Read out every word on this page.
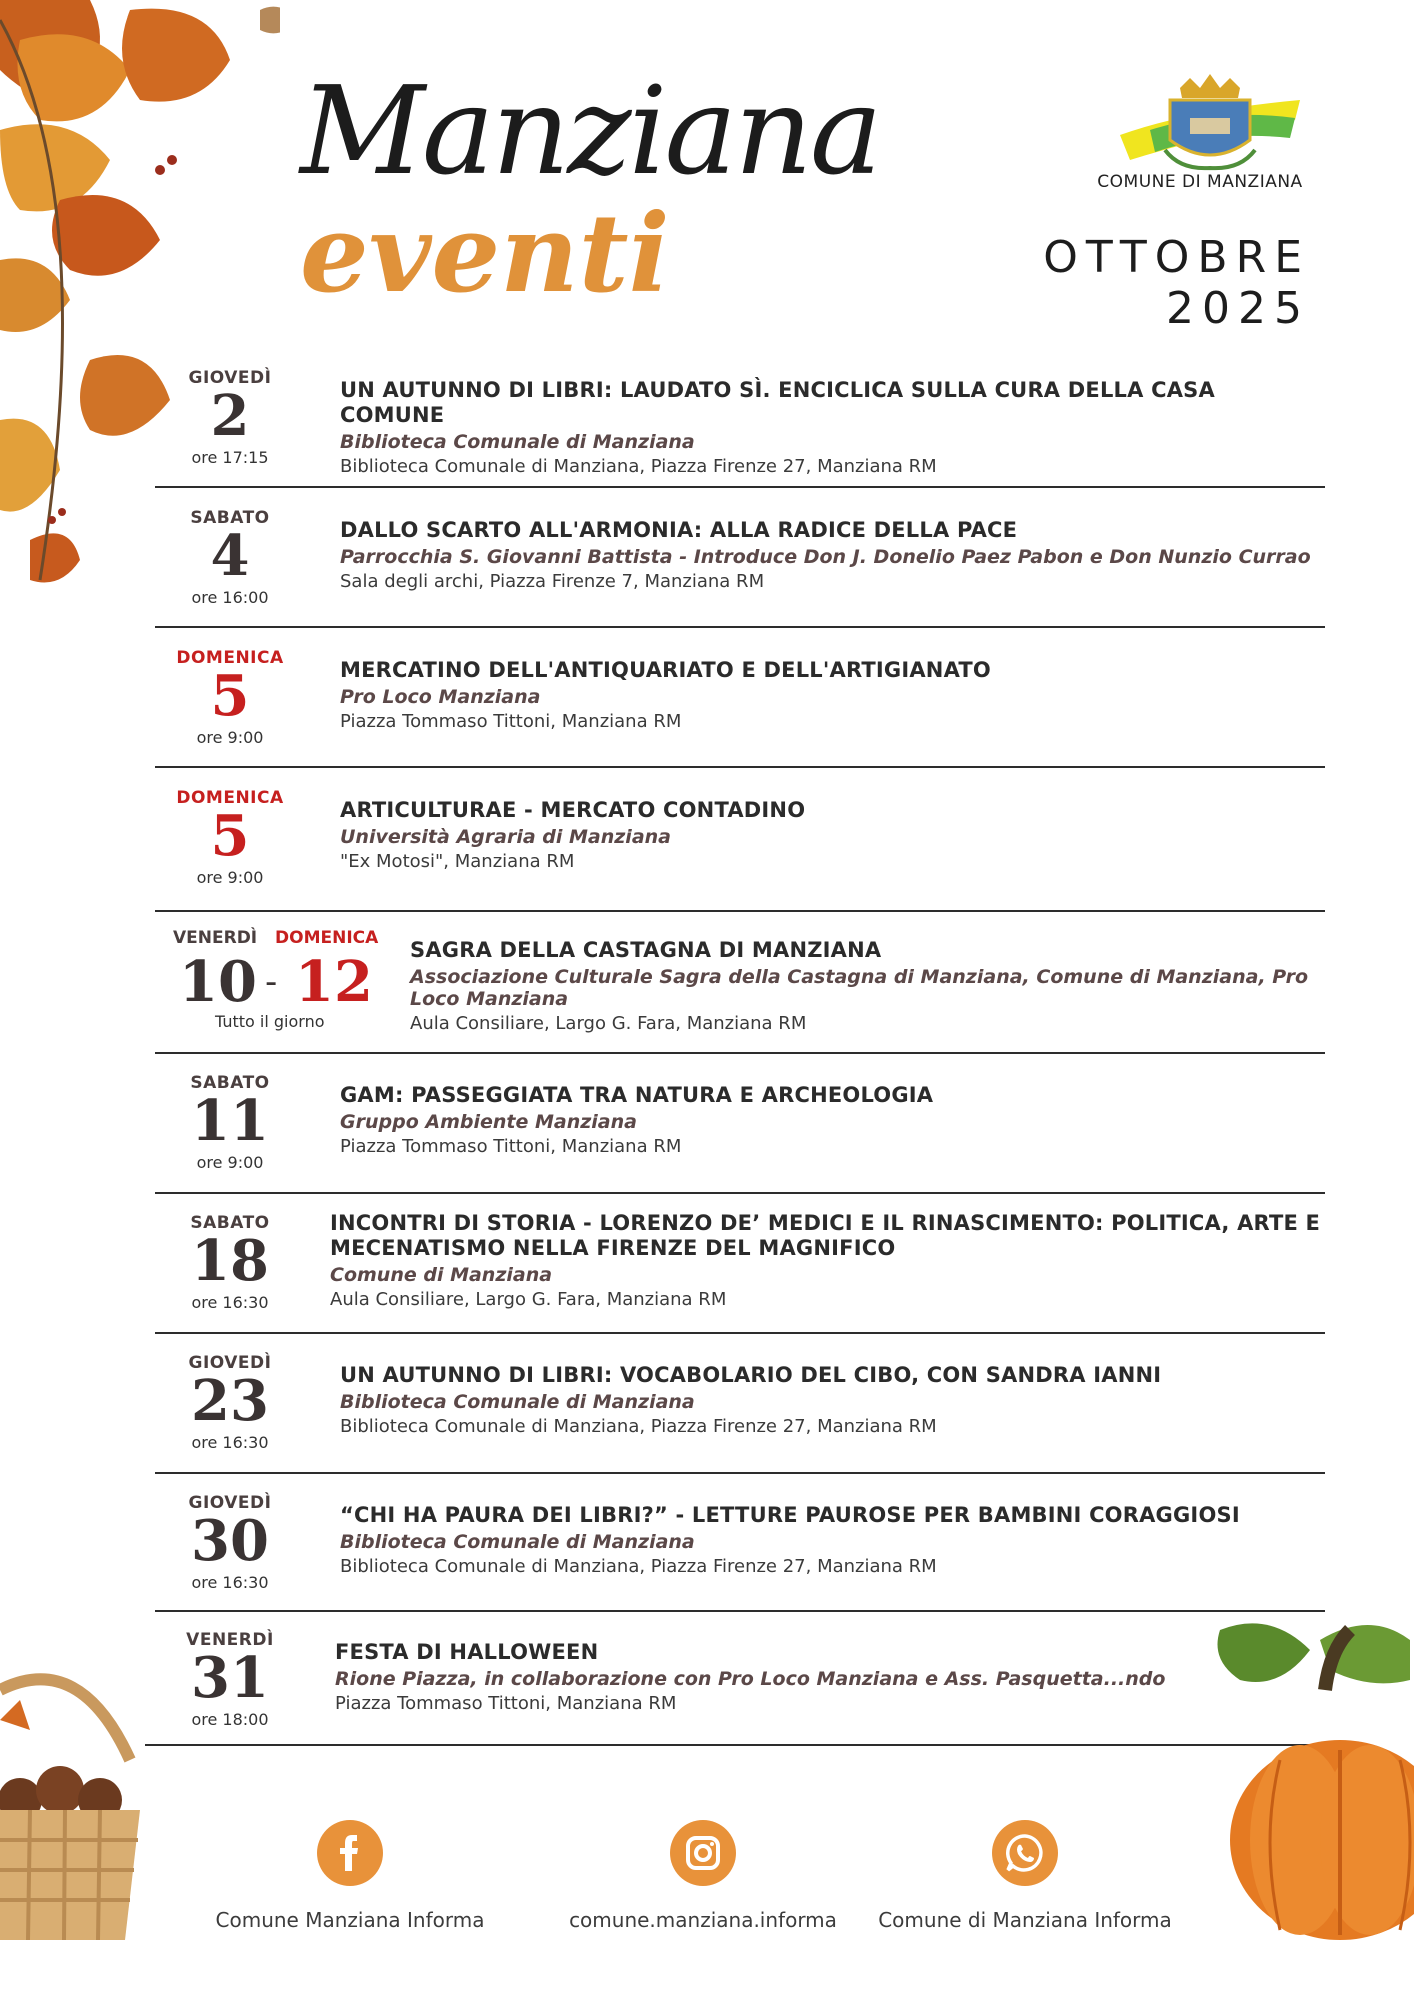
Manziana
eventi
COMUNE DI MANZIANA
OTTOBRE 2025
GIOVEDÌ
2
ore 17:15
UN AUTUNNO DI LIBRI: LAUDATO SÌ. ENCICLICA SULLA CURA DELLA CASA COMUNE
Biblioteca Comunale di Manziana
Biblioteca Comunale di Manziana, Piazza Firenze 27, Manziana RM
SABATO
4
ore 16:00
DALLO SCARTO ALL'ARMONIA: ALLA RADICE DELLA PACE
Parrocchia S. Giovanni Battista - Introduce Don J. Donelio Paez Pabon e Don Nunzio Currao
Sala degli archi, Piazza Firenze 7, Manziana RM
DOMENICA
5
ore 9:00
MERCATINO DELL'ANTIQUARIATO E DELL'ARTIGIANATO
Pro Loco Manziana
Piazza Tommaso Tittoni, Manziana RM
DOMENICA
5
ore 9:00
ARTICULTURAE - MERCATO CONTADINO
Università Agraria di Manziana
"Ex Motosi", Manziana RM
VENERDÌ DOMENICA
10 - 12
Tutto il giorno
SAGRA DELLA CASTAGNA DI MANZIANA
Associazione Culturale Sagra della Castagna di Manziana, Comune di Manziana, Pro Loco Manziana
Aula Consiliare, Largo G. Fara, Manziana RM
SABATO
11
ore 9:00
GAM: PASSEGGIATA TRA NATURA E ARCHEOLOGIA
Gruppo Ambiente Manziana
Piazza Tommaso Tittoni, Manziana RM
SABATO
18
ore 16:30
INCONTRI DI STORIA - LORENZO DE’ MEDICI E IL RINASCIMENTO: POLITICA, ARTE E MECENATISMO NELLA FIRENZE DEL MAGNIFICO
Comune di Manziana
Aula Consiliare, Largo G. Fara, Manziana RM
GIOVEDÌ
23
ore 16:30
UN AUTUNNO DI LIBRI: VOCABOLARIO DEL CIBO, CON SANDRA IANNI
Biblioteca Comunale di Manziana
Biblioteca Comunale di Manziana, Piazza Firenze 27, Manziana RM
GIOVEDÌ
30
ore 16:30
“CHI HA PAURA DEI LIBRI?” - LETTURE PAUROSE PER BAMBINI CORAGGIOSI
Biblioteca Comunale di Manziana
Biblioteca Comunale di Manziana, Piazza Firenze 27, Manziana RM
VENERDÌ
31
ore 18:00
FESTA DI HALLOWEEN
Rione Piazza, in collaborazione con Pro Loco Manziana e Ass. Pasquetta...ndo
Piazza Tommaso Tittoni, Manziana RM
Comune Manziana Informa	comune.manziana.informa	Comune di Manziana Informa
